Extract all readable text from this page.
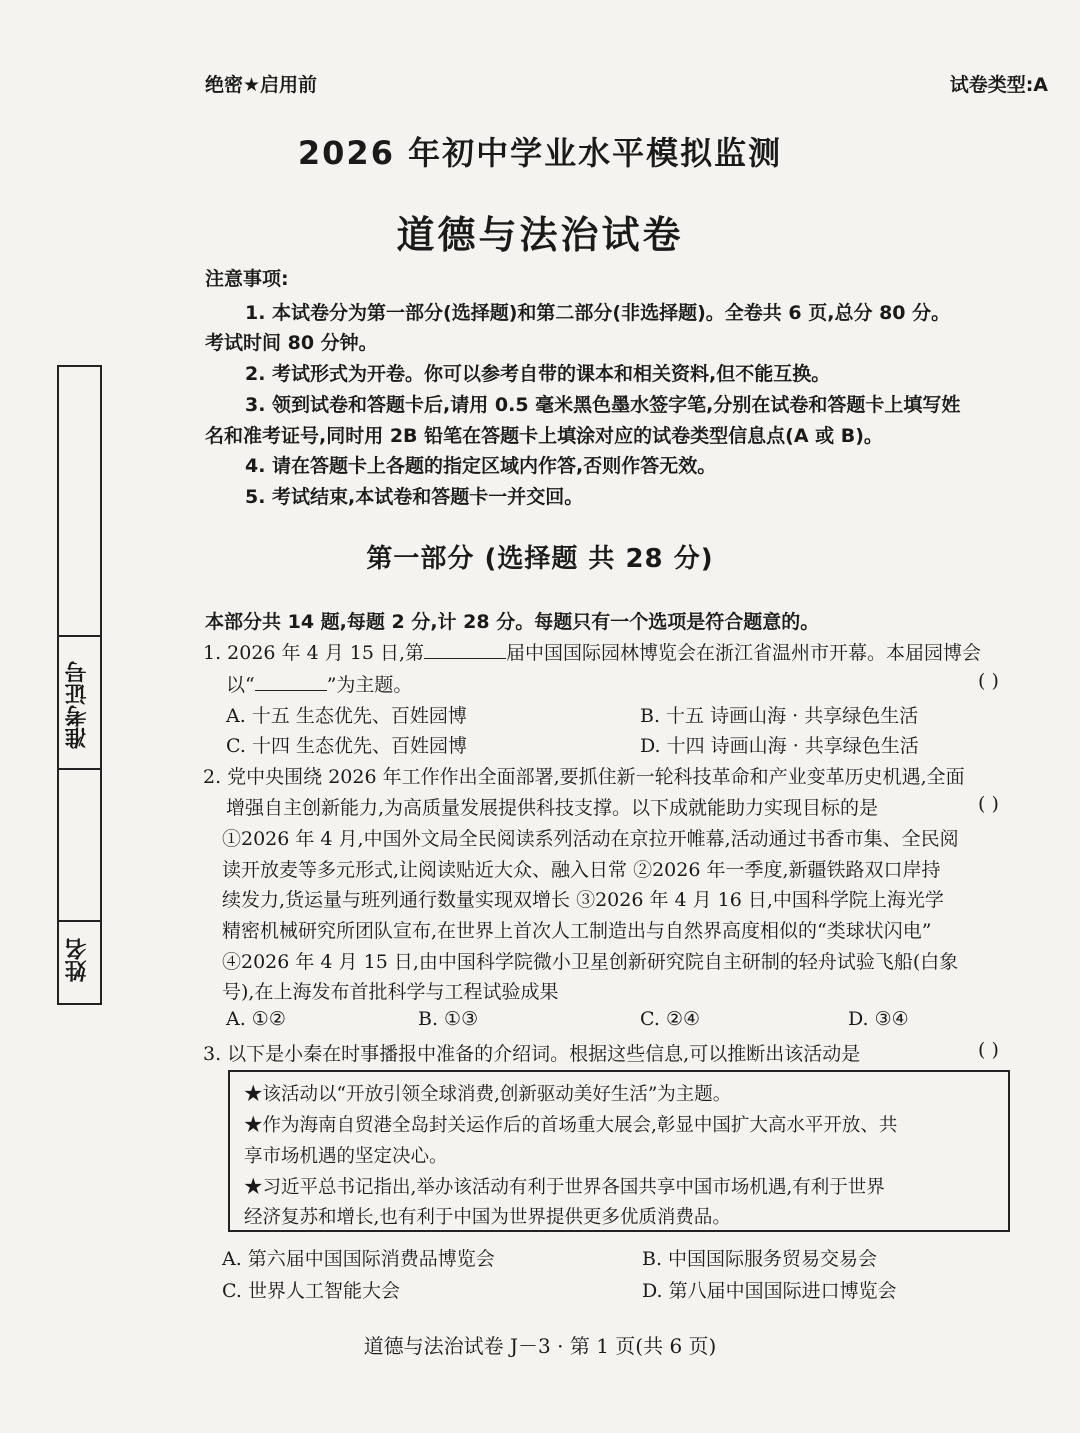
准考证号
姓名
绝密★启用前	试卷类型:A
2026 年初中学业水平模拟监测
道德与法治试卷
注意事项:
1. 本试卷分为第一部分(选择题)和第二部分(非选择题)。全卷共 6 页,总分 80 分。
考试时间 80 分钟。
2. 考试形式为开卷。你可以参考自带的课本和相关资料,但不能互换。
3. 领到试卷和答题卡后,请用 0.5 毫米黑色墨水签字笔,分别在试卷和答题卡上填写姓
名和准考证号,同时用 2B 铅笔在答题卡上填涂对应的试卷类型信息点(A 或 B)。
4. 请在答题卡上各题的指定区域内作答,否则作答无效。
5. 考试结束,本试卷和答题卡一并交回。
第一部分 (选择题 共 28 分)
本部分共 14 题,每题 2 分,计 28 分。每题只有一个选项是符合题意的。
1. 2026 年 4 月 15 日,第	届中国国际园林博览会在浙江省温州市开幕。本届园博会
以“	”为主题。	( )
A. 十五 生态优先、百姓园博	B. 十五 诗画山海 · 共享绿色生活
C. 十四 生态优先、百姓园博	D. 十四 诗画山海 · 共享绿色生活
2. 党中央围绕 2026 年工作作出全面部署,要抓住新一轮科技革命和产业变革历史机遇,全面
增强自主创新能力,为高质量发展提供科技支撑。以下成就能助力实现目标的是	( )
①2026 年 4 月,中国外文局全民阅读系列活动在京拉开帷幕,活动通过书香市集、全民阅
读开放麦等多元形式,让阅读贴近大众、融入日常 ②2026 年一季度,新疆铁路双口岸持
续发力,货运量与班列通行数量实现双增长 ③2026 年 4 月 16 日,中国科学院上海光学
精密机械研究所团队宣布,在世界上首次人工制造出与自然界高度相似的“类球状闪电”
④2026 年 4 月 15 日,由中国科学院微小卫星创新研究院自主研制的轻舟试验飞船(白象
号),在上海发布首批科学与工程试验成果
A. ①②	B. ①③	C. ②④	D. ③④
3. 以下是小秦在时事播报中准备的介绍词。根据这些信息,可以推断出该活动是	( )
★该活动以“开放引领全球消费,创新驱动美好生活”为主题。
★作为海南自贸港全岛封关运作后的首场重大展会,彰显中国扩大高水平开放、共
享市场机遇的坚定决心。
★习近平总书记指出,举办该活动有利于世界各国共享中国市场机遇,有利于世界
经济复苏和增长,也有利于中国为世界提供更多优质消费品。
A. 第六届中国国际消费品博览会	B. 中国国际服务贸易交易会
C. 世界人工智能大会	D. 第八届中国国际进口博览会
道德与法治试卷 J－3 · 第 1 页(共 6 页)
